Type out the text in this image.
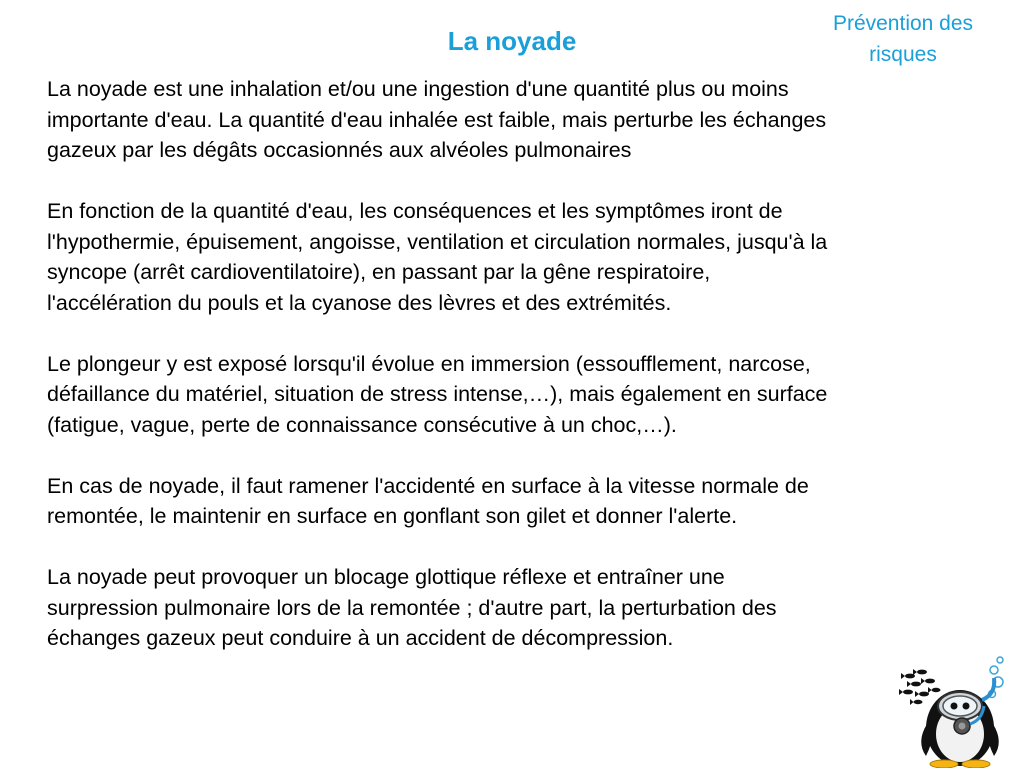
Prévention des risques
La noyade

La noyade est une inhalation et/ou une ingestion d'une quantité plus ou moins
importante d'eau. La quantité d'eau inhalée est faible, mais perturbe les échanges
gazeux par les dégâts occasionnés aux alvéoles pulmonaires

En fonction de la quantité d'eau, les conséquences et les symptômes iront de
l'hypothermie, épuisement, angoisse, ventilation et circulation normales, jusqu'à la
syncope (arrêt cardioventilatoire), en passant par la gêne respiratoire,
l'accélération du pouls et la cyanose des lèvres et des extrémités.

Le plongeur y est exposé lorsqu'il évolue en immersion (essoufflement, narcose,
défaillance du matériel, situation de stress intense,…), mais également en surface
(fatigue, vague, perte de connaissance consécutive à un choc,…).

En cas de noyade, il faut ramener l'accidenté en surface à la vitesse normale de
remontée, le maintenir en surface en gonflant son gilet et donner l'alerte.

La noyade peut provoquer un blocage glottique réflexe et entraîner une
surpression pulmonaire lors de la remontée ; d'autre part, la perturbation des
échanges gazeux peut conduire à un accident de décompression.
